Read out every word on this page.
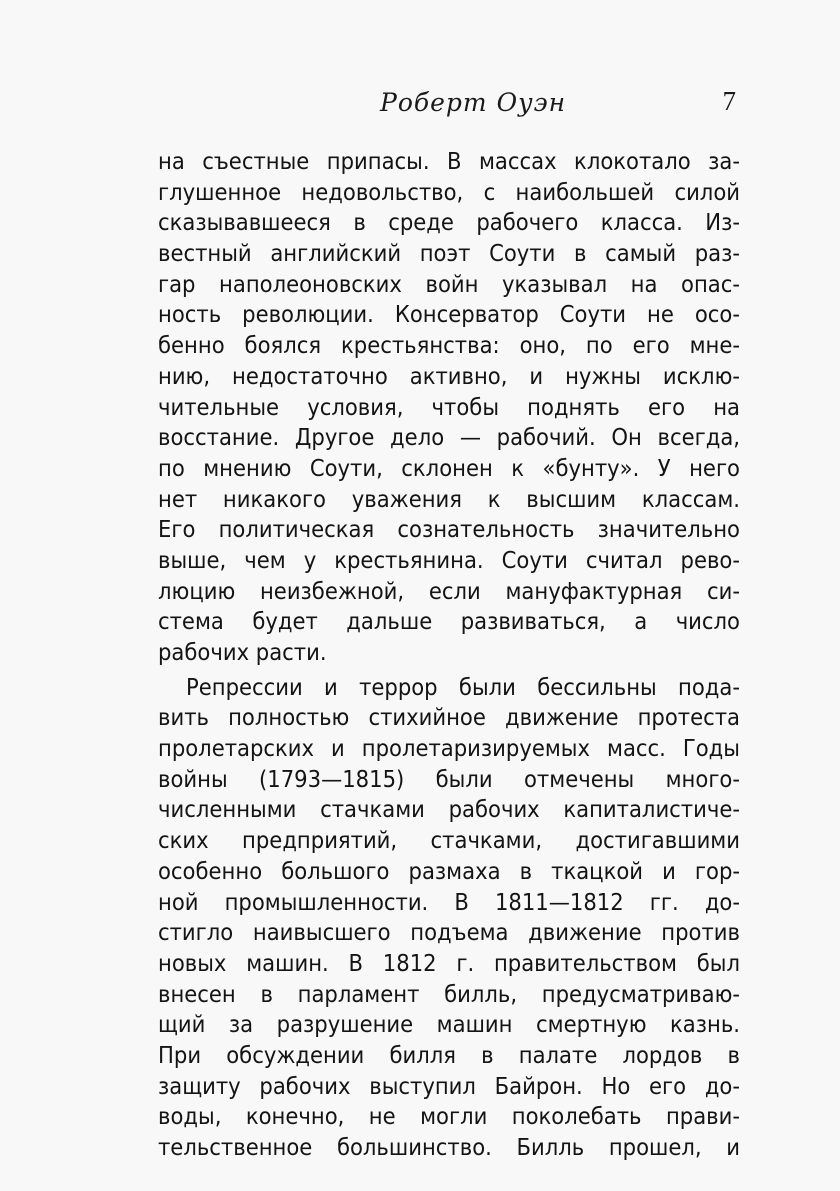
Роберт Оуэн	7
на съестные припасы. В массах клокотало за-
глушенное недовольство, с наибольшей силой
сказывавшееся в среде рабочего класса. Из-
вестный английский поэт Соути в самый раз-
гар наполеоновских войн указывал на опас-
ность революции. Консерватор Соути не осо-
бенно боялся крестьянства: оно, по его мне-
нию, недостаточно активно, и нужны исклю-
чительные условия, чтобы поднять его на
восстание. Другое дело — рабочий. Он всегда,
по мнению Соути, склонен к «бунту». У него
нет никакого уважения к высшим классам.
Его политическая сознательность значительно
выше, чем у крестьянина. Соути считал рево-
люцию неизбежной, если мануфактурная си-
стема будет дальше развиваться, а число
рабочих расти.
Репрессии и террор были бессильны подa-
вить полностью стихийное движение протеста
пролетарских и пролетаризируемых масс. Годы
войны (1793—1815) были отмечены много-
численными стачками рабочих капиталистиче-
ских предприятий, стачками, достигавшими
особенно большого размаха в ткацкой и гор-
ной промышленности. В 1811—1812 гг. до-
стигло наивысшего подъема движение против
новых машин. В 1812 г. правительством был
внесен в парламент билль, предусматриваю-
щий за разрушение машин смертную казнь.
При обсуждении билля в палате лордов в
защиту рабочих выступил Байрон. Но его до-
воды, конечно, не могли поколебать прави-
тельственное большинство. Билль прошел, и
